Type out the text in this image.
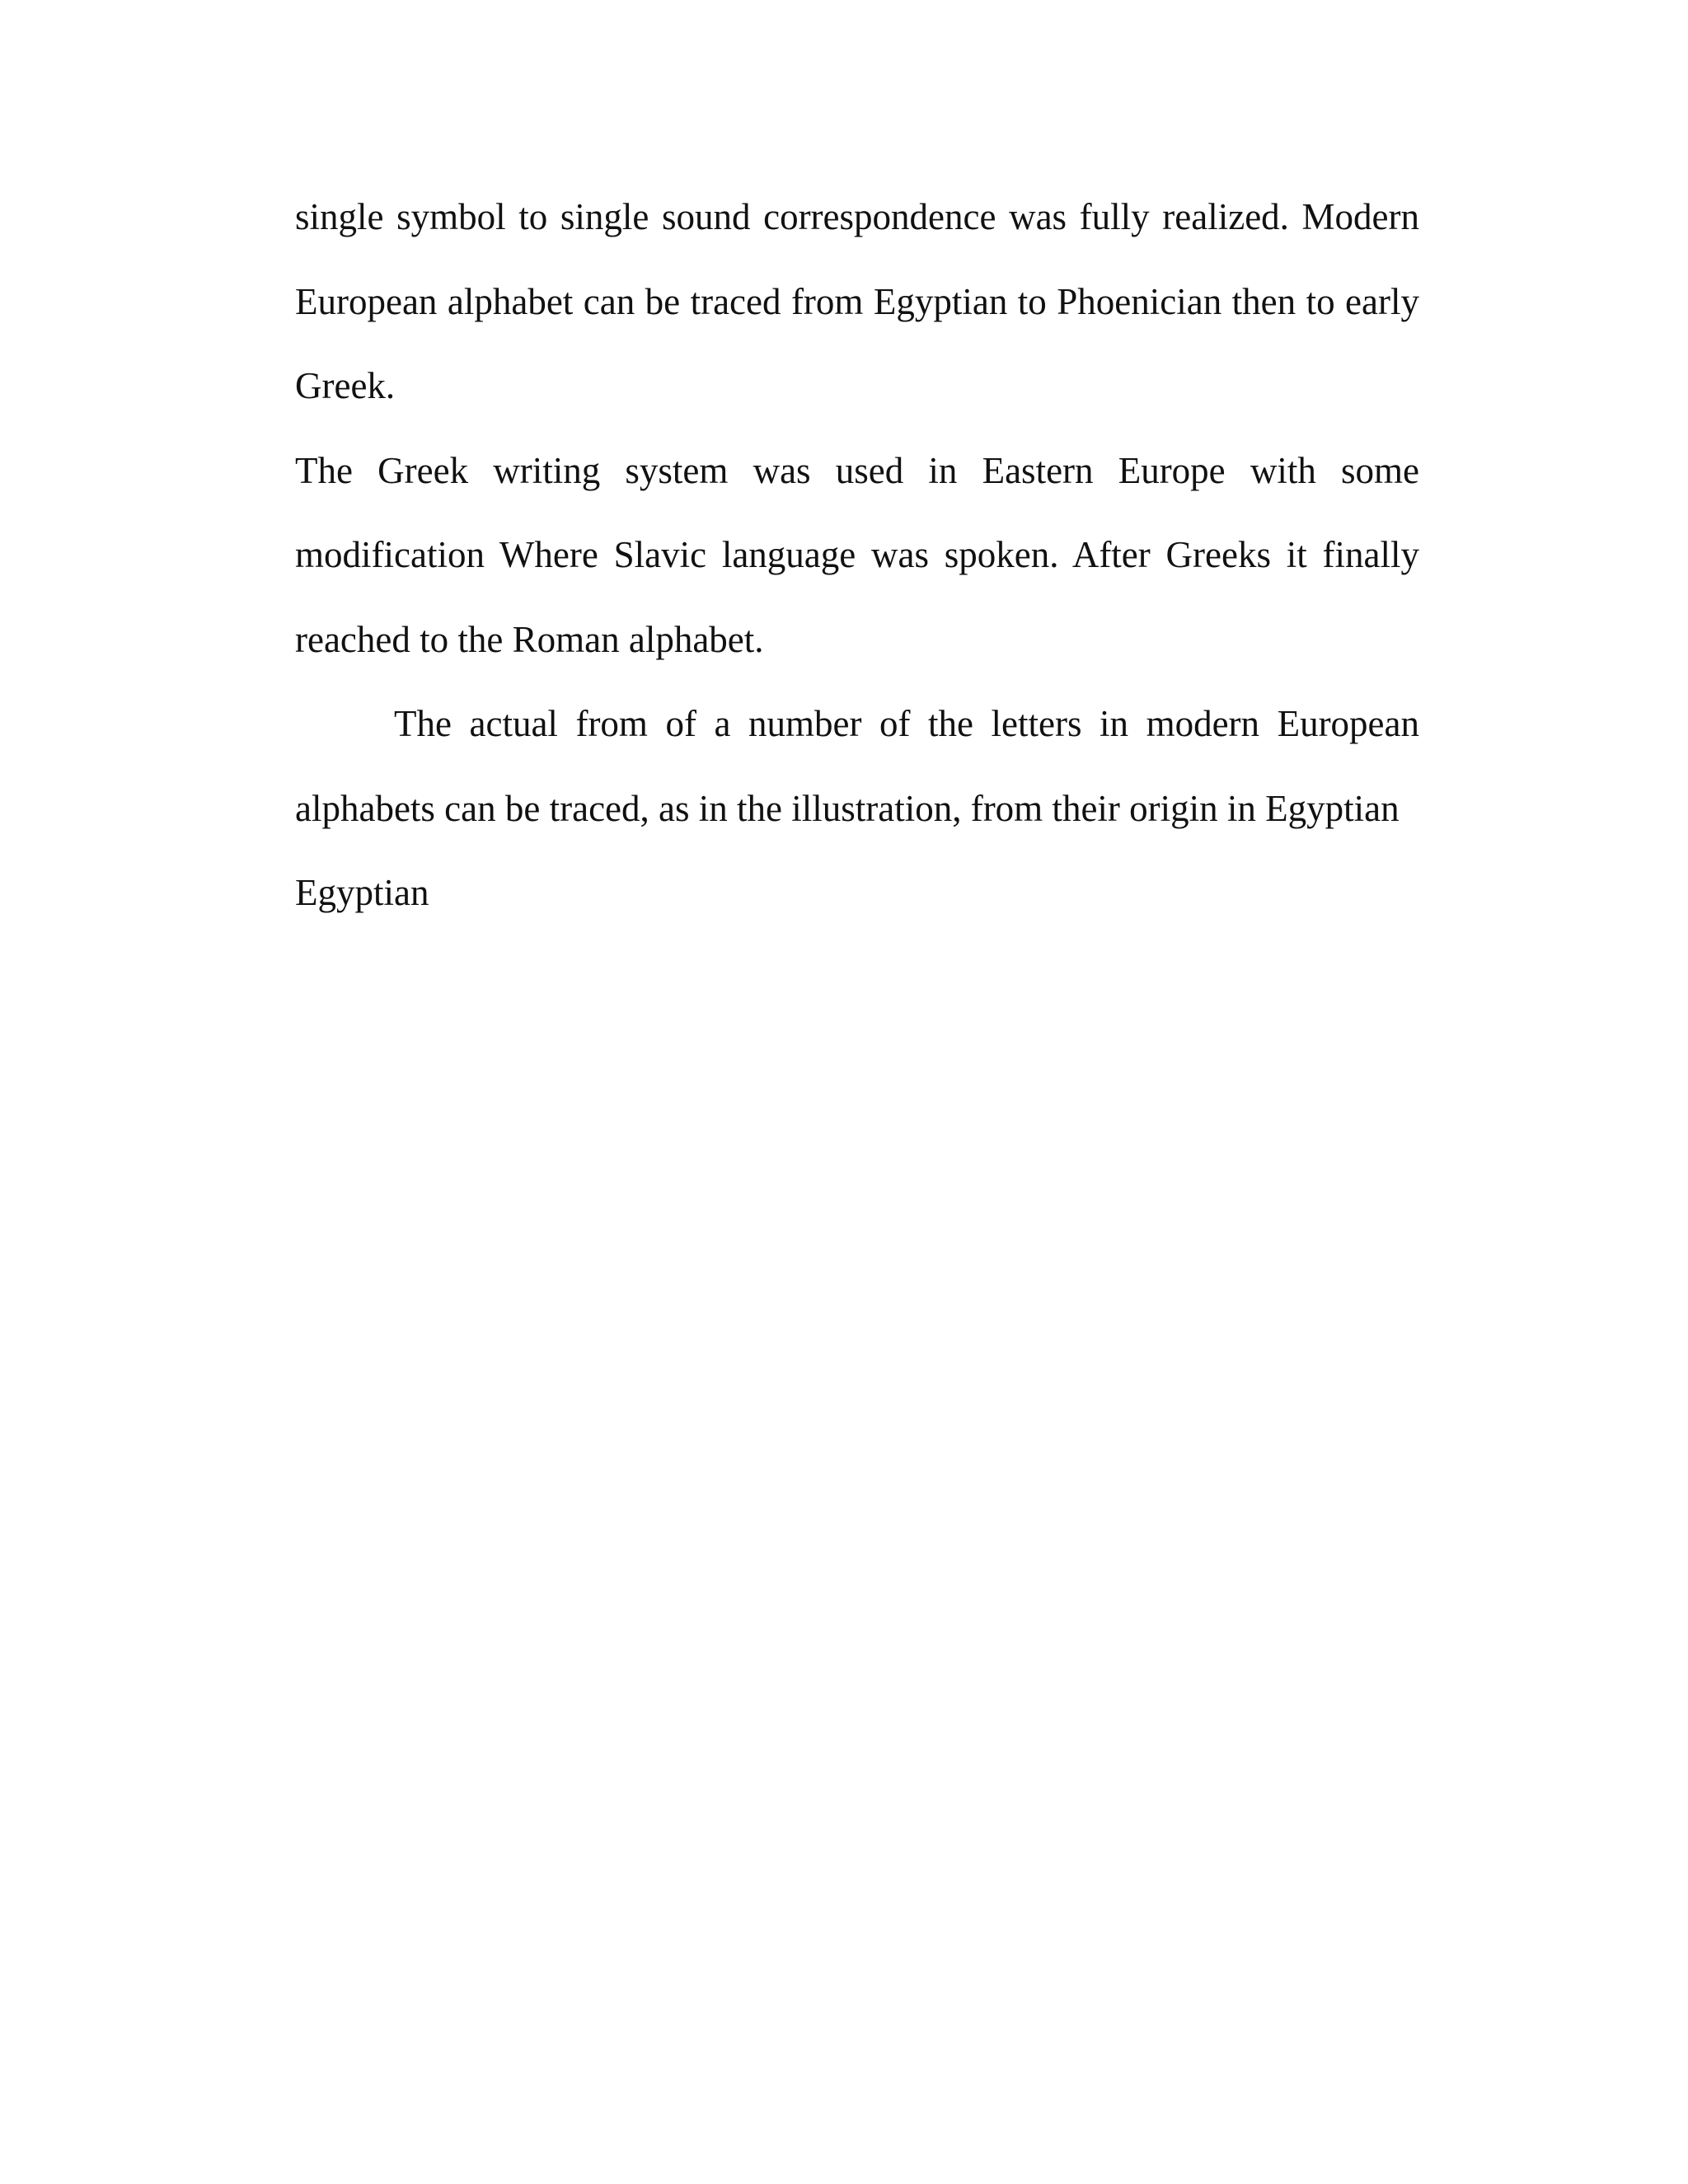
single symbol to single sound correspondence was fully realized. Modern European alphabet can be traced from Egyptian to Phoenician then to early Greek.

The Greek writing system was used in Eastern Europe with some modification Where Slavic language was spoken. After Greeks it finally reached to the Roman alphabet.

The actual from of a number of the letters in modern European alphabets can be traced, as in the illustration, from their origin in Egyptian

Egyptian
